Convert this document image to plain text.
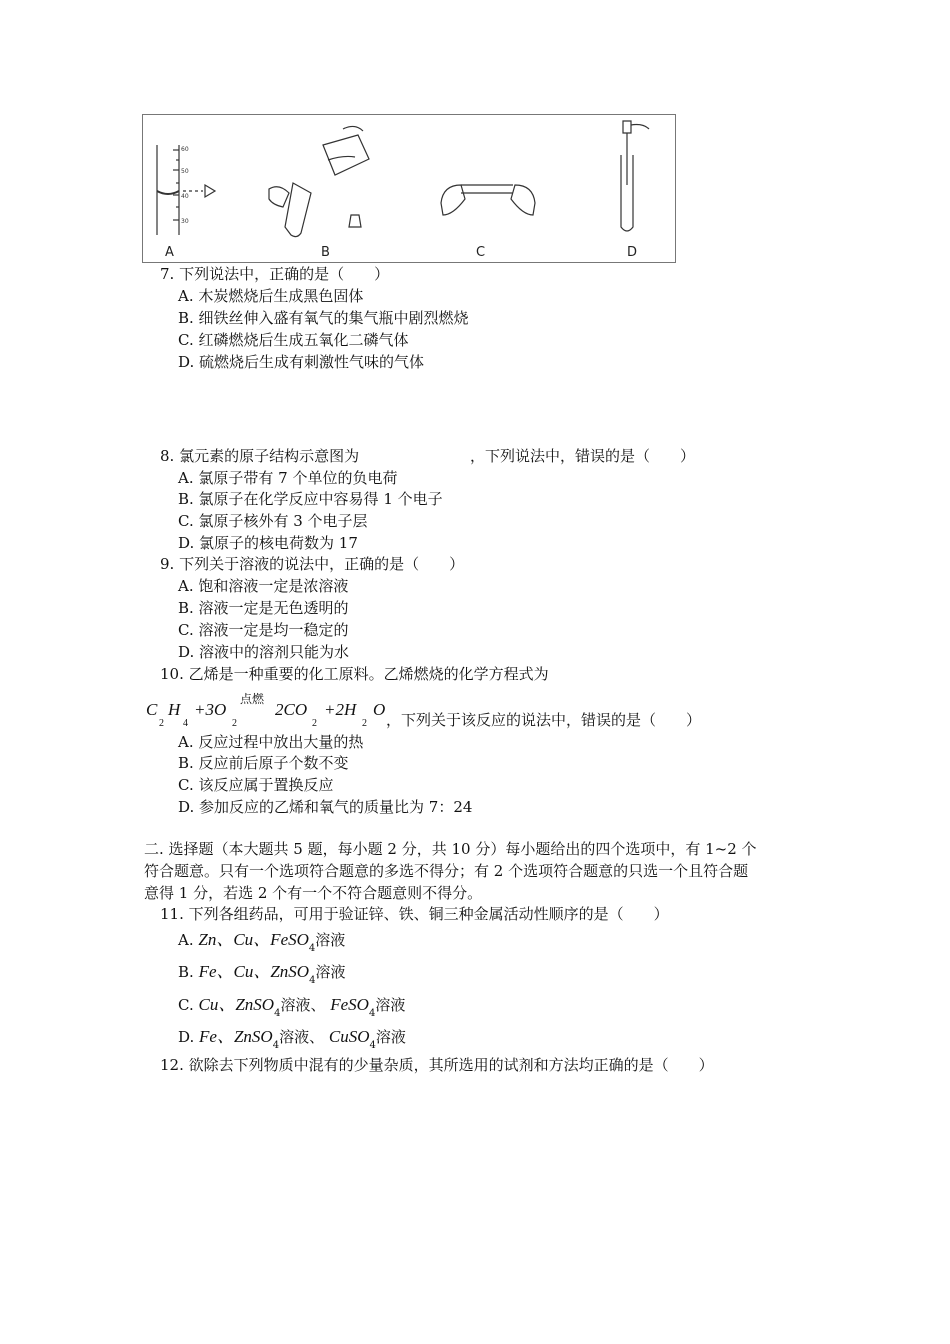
60
50
40
30
A	B	C	D
7. 下列说法中，正确的是（　　）
A. 木炭燃烧后生成黑色固体
B. 细铁丝伸入盛有氧气的集气瓶中剧烈燃烧
C. 红磷燃烧后生成五氧化二磷气体
D. 硫燃烧后生成有刺激性气味的气体
8. 氯元素的原子结构示意图为	，下列说法中，错误的是（　　）
A. 氯原子带有 7 个单位的负电荷
B. 氯原子在化学反应中容易得 1 个电子
C. 氯原子核外有 3 个电子层
D. 氯原子的核电荷数为 17
9. 下列关于溶液的说法中，正确的是（　　）
A. 饱和溶液一定是浓溶液
B. 溶液一定是无色透明的
C. 溶液一定是均一稳定的
D. 溶液中的溶剂只能为水
10. 乙烯是一种重要的化工原料。乙烯燃烧的化学方程式为
C
2
H
4
+3O
2
点燃
2CO
2
+2H
2
O
，下列关于该反应的说法中，错误的是（　　）
A. 反应过程中放出大量的热
B. 反应前后原子个数不变
C. 该反应属于置换反应
D. 参加反应的乙烯和氧气的质量比为 7：24
二. 选择题（本大题共 5 题，每小题 2 分，共 10 分）每小题给出的四个选项中，有 1~2 个
符合题意。只有一个选项符合题意的多选不得分；有 2 个选项符合题意的只选一个且符合题
意得 1 分，若选 2 个有一个不符合题意则不得分。
11. 下列各组药品，可用于验证锌、铁、铜三种金属活动性顺序的是（　　）
A. Zn、Cu、FeSO$_4$溶液
B. Fe、Cu、ZnSO$_4$溶液
C. Cu、ZnSO$_4$溶液、 FeSO$_4$溶液
D. Fe、ZnSO$_4$溶液、 CuSO$_4$溶液
12. 欲除去下列物质中混有的少量杂质，其所选用的试剂和方法均正确的是（　　）
